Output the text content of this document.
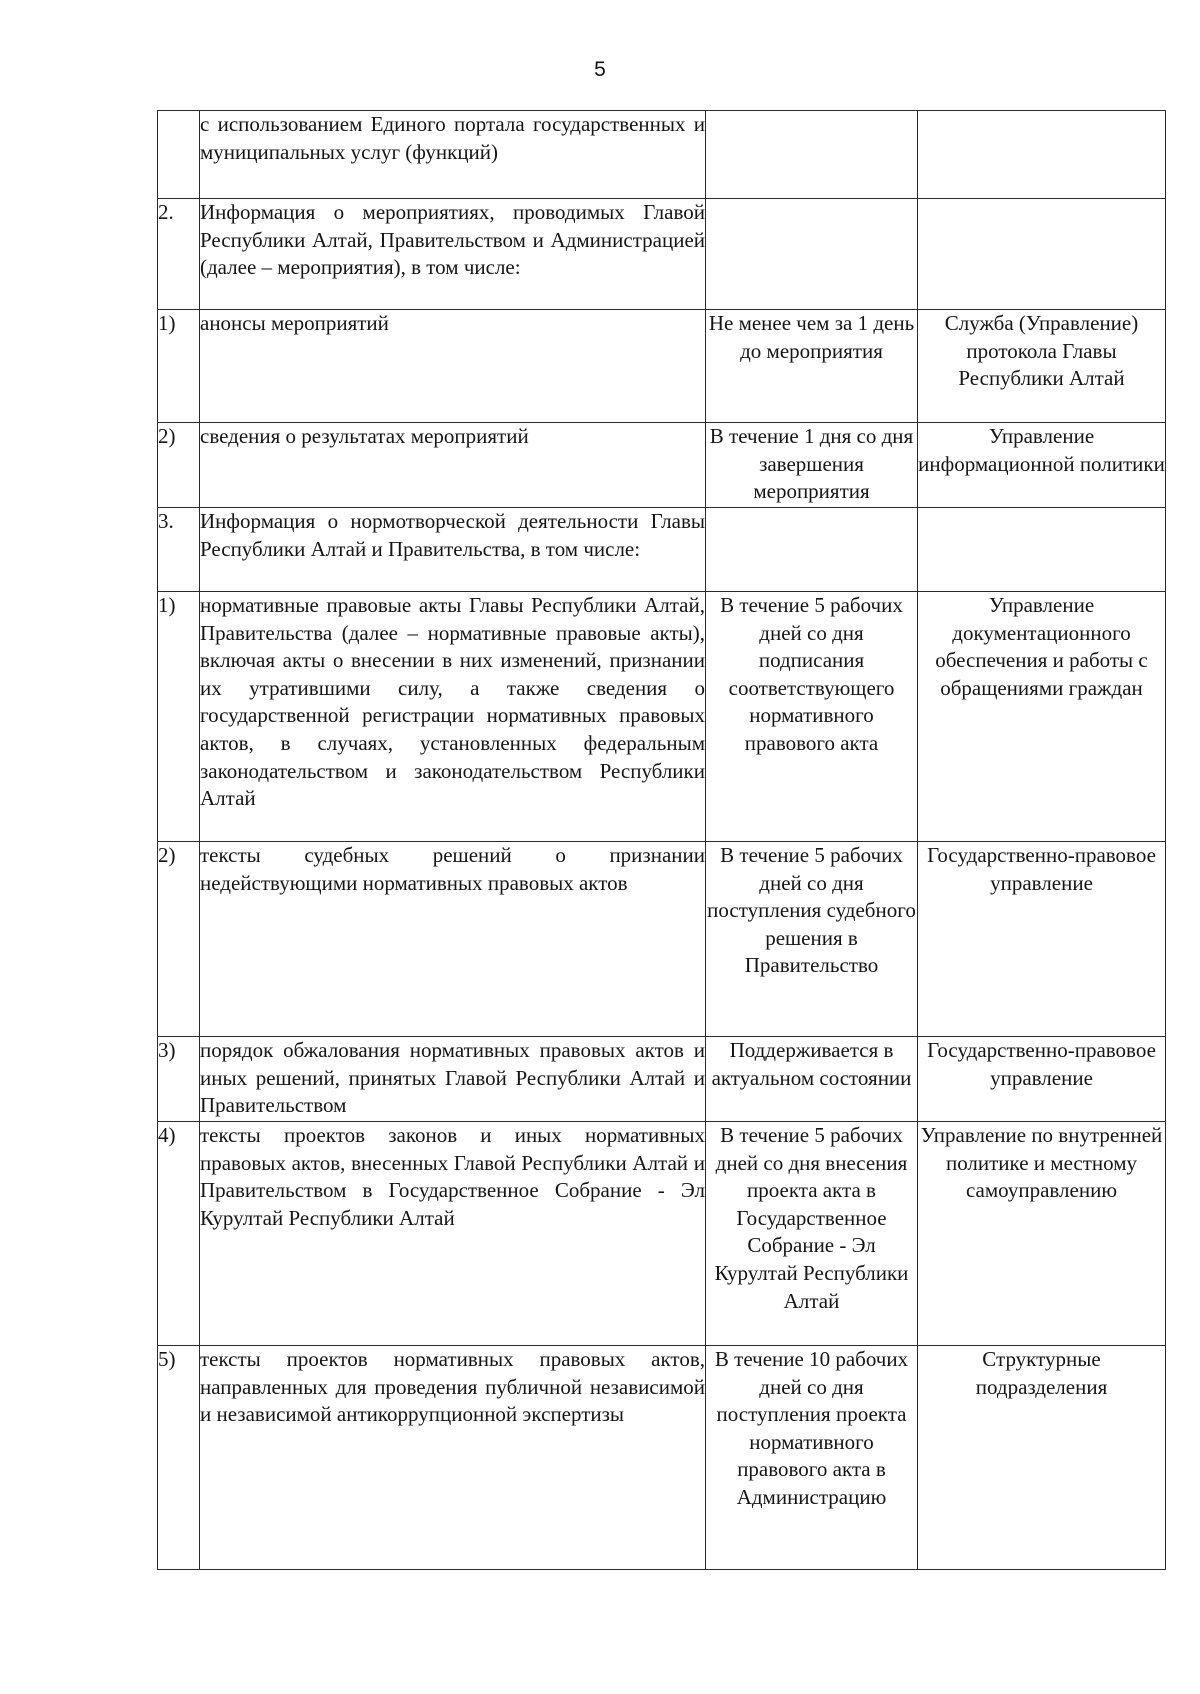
5
	с использованием Единого портала государственных и муниципальных услуг (функций)		
2.	Информация о мероприятиях, проводимых Главой Республики Алтай, Правительством и Администрацией (далее – мероприятия), в том числе:		
1)	анонсы мероприятий	Не менее чем за 1 день до мероприятия	Служба (Управление) протокола Главы Республики Алтай
2)	сведения о результатах мероприятий	В течение 1 дня со дня завершения мероприятия	Управление информационной политики
3.	Информация о нормотворческой деятельности Главы Республики Алтай и Правительства, в том числе:		
1)	нормативные правовые акты Главы Республики Алтай, Правительства (далее – нормативные правовые акты), включая акты о внесении в них изменений, признании их утратившими силу, а также сведения о государственной регистрации нормативных правовых актов, в случаях, установленных федеральным законодательством и законодательством Республики Алтай	В течение 5 рабочих дней со дня подписания соответствующего нормативного правового акта	Управление документационного обеспечения и работы с обращениями граждан
2)	тексты судебных решений о признании недействующими нормативных правовых актов	В течение 5 рабочих дней со дня поступления судебного решения в Правительство	Государственно-правовое управление
3)	порядок обжалования нормативных правовых актов и иных решений, принятых Главой Республики Алтай и Правительством	Поддерживается в актуальном состоянии	Государственно-правовое управление
4)	тексты проектов законов и иных нормативных правовых актов, внесенных Главой Республики Алтай и Правительством в Государственное Собрание - Эл Курултай Республики Алтай	В течение 5 рабочих дней со дня внесения проекта акта в Государственное Собрание - Эл Курултай Республики Алтай	Управление по внутренней политике и местному самоуправлению
5)	тексты проектов нормативных правовых актов, направленных для проведения публичной независимой и независимой антикоррупционной экспертизы	В течение 10 рабочих дней со дня поступления проекта нормативного правового акта в Администрацию	Структурные подразделения
